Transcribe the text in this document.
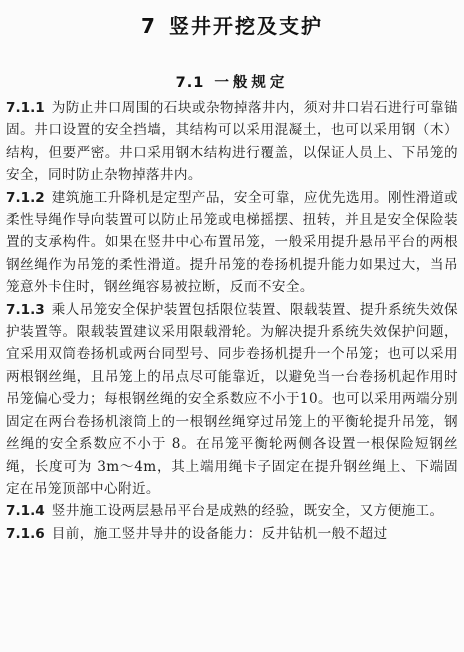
7 竖井开挖及支护
7.1 一般规定

7.1.1 为防止井口周围的石块或杂物掉落井内，须对井口岩石进行可靠锚固。井口设置的安全挡墙，其结构可以采用混凝土，也可以采用钢（木）结构，但要严密。井口采用钢木结构进行覆盖，以保证人员上、下吊笼的安全，同时防止杂物掉落井内。

7.1.2 建筑施工升降机是定型产品，安全可靠，应优先选用。刚性滑道或柔性导绳作导向装置可以防止吊笼或电梯摇摆、扭转，并且是安全保险装置的支承构件。如果在竖井中心布置吊笼，一般采用提升悬吊平台的两根钢丝绳作为吊笼的柔性滑道。提升吊笼的卷扬机提升能力如果过大，当吊笼意外卡住时，钢丝绳容易被拉断，反而不安全。

7.1.3 乘人吊笼安全保护装置包括限位装置、限载装置、提升系统失效保护装置等。限载装置建议采用限载滑轮。为解决提升系统失效保护问题，宜采用双筒卷扬机或两台同型号、同步卷扬机提升一个吊笼；也可以采用两根钢丝绳，且吊笼上的吊点尽可能靠近，以避免当一台卷扬机起作用时吊笼偏心受力；每根钢丝绳的安全系数应不小于10。也可以采用两端分别固定在两台卷扬机滚筒上的一根钢丝绳穿过吊笼上的平衡轮提升吊笼，钢丝绳的安全系数应不小于 8。在吊笼平衡轮两侧各设置一根保险短钢丝绳，长度可为 3m～4m，其上端用绳卡子固定在提升钢丝绳上、下端固定在吊笼顶部中心附近。

7.1.4 竖井施工设两层悬吊平台是成熟的经验，既安全，又方便施工。

7.1.6 目前，施工竖井导井的设备能力：反井钻机一般不超过
